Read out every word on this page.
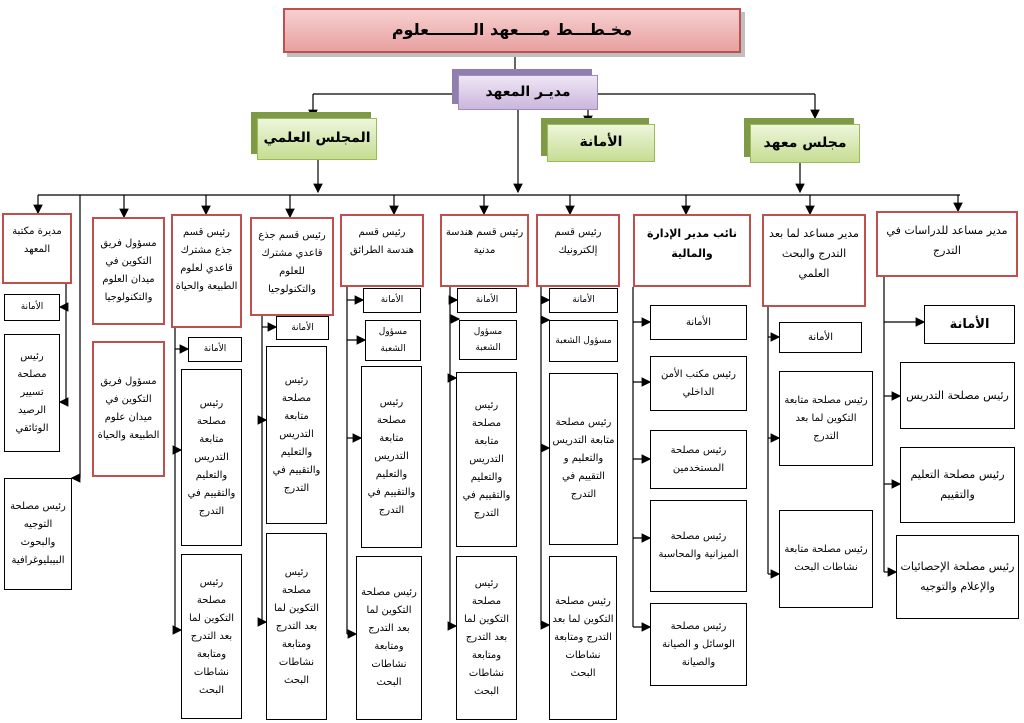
مخـطـــط مــــعهد الــــــــعلوم
مديـر المعهد
المجلس العلمي	الأمانة	مجلس معهد
مديرة مكتبة المعهد
الأمانة
رئيس مصلحة تسيير الرصيد الوثائقي
رئيس مصلحة التوجيه والبحوث البيبليوغرافية
مسؤول فريق التكوين في ميدان العلوم والتكنولوجيا
مسؤول فريق التكوين في ميدان علوم الطبيعة والحياة
رئيس قسم جذع مشترك قاعدي لعلوم الطبيعة والحياة
الأمانة
رئيس مصلحة متابعة التدريس والتعليم والتقييم في التدرج
رئيس مصلحة التكوين لما بعد التدرج ومتابعة نشاطات البحث
رئيس قسم جذع قاعدي مشترك للعلوم والتكنولوجيا
الأمانة
رئيس مصلحة متابعة التدريس والتعليم والتقييم في التدرج
رئيس مصلحة التكوين لما بعد التدرج ومتابعة نشاطات البحث
رئيس قسم هندسة الطرائق
الأمانة
مسؤول الشعبة
رئيس مصلحة متابعة التدريس والتعليم والتقييم في التدرج
رئيس مصلحة التكوين لما بعد التدرج ومتابعة نشاطات البحث
رئيس قسم هندسة مدنية
الأمانة
مسؤول الشعبة
رئيس مصلحة متابعة التدريس والتعليم والتقييم في التدرج
رئيس مصلحة التكوين لما بعد التدرج ومتابعة نشاطات البحث
رئيس قسم إلكترونيك
الأمانة
مسؤول الشعبة
رئيس مصلحة متابعة التدريس والتعليم و التقييم في التدرج
رئيس مصلحة التكوين لما بعد التدرج ومتابعة نشاطات البحث
نائب مدير الإدارة والمالية
الأمانة
رئيس مكتب الأمن الداخلي
رئيس مصلحة المستخدمين
رئيس مصلحة الميزانية والمحاسبة
رئيس مصلحة الوسائل و الصيانة والصيانة
مدير مساعد لما بعد التدرج والبحث العلمي
الأمانة
رئيس مصلحة متابعة التكوين لما بعد التدرج
رئيس مصلحة متابعة نشاطات البحث
مدير مساعد للدراسات في التدرج
الأمانة
رئيس مصلحة التدريس
رئيس مصلحة التعليم والتقييم
رئيس مصلحة الإحصائيات والإعلام والتوجيه
